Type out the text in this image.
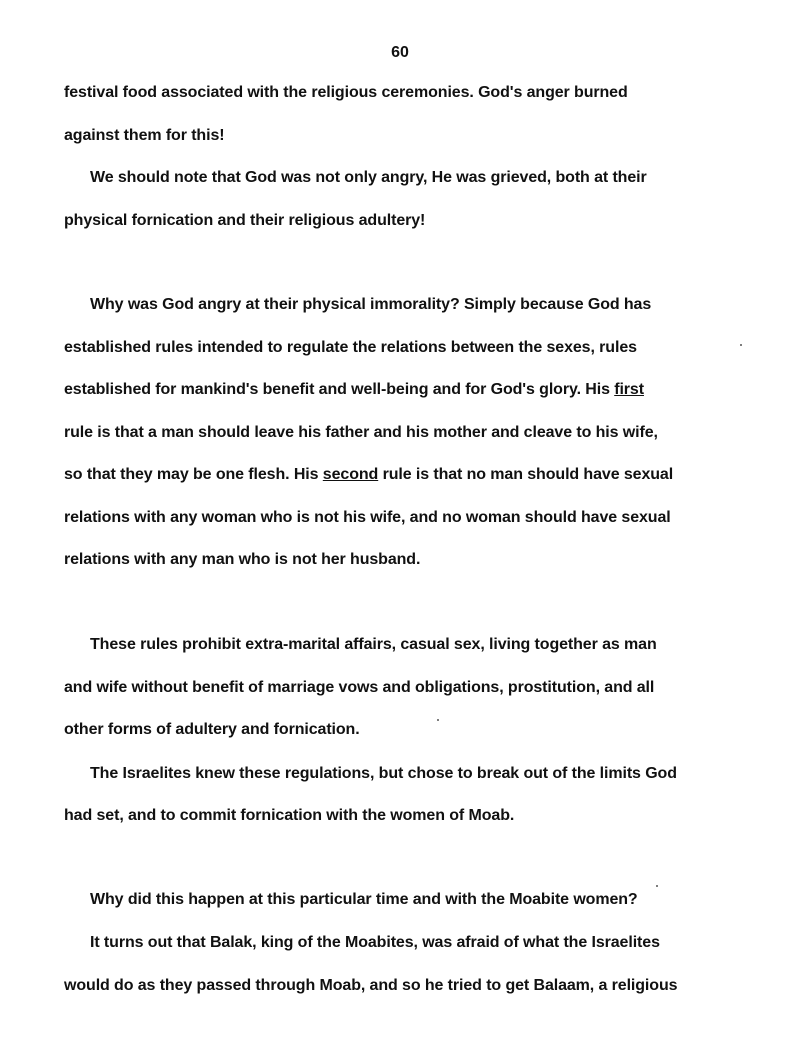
60
festival food associated with the religious ceremonies. God's anger burned
against them for this!
We should note that God was not only angry, He was grieved, both at their
physical fornication and their religious adultery!
Why was God angry at their physical immorality? Simply because God has
established rules intended to regulate the relations between the sexes, rules
established for mankind's benefit and well-being and for God's glory. His first
rule is that a man should leave his father and his mother and cleave to his wife,
so that they may be one flesh. His second rule is that no man should have sexual
relations with any woman who is not his wife, and no woman should have sexual
relations with any man who is not her husband.
These rules prohibit extra-marital affairs, casual sex, living together as man
and wife without benefit of marriage vows and obligations, prostitution, and all
other forms of adultery and fornication.
The Israelites knew these regulations, but chose to break out of the limits God
had set, and to commit fornication with the women of Moab.
Why did this happen at this particular time and with the Moabite women?
It turns out that Balak, king of the Moabites, was afraid of what the Israelites
would do as they passed through Moab, and so he tried to get Balaam, a religious
